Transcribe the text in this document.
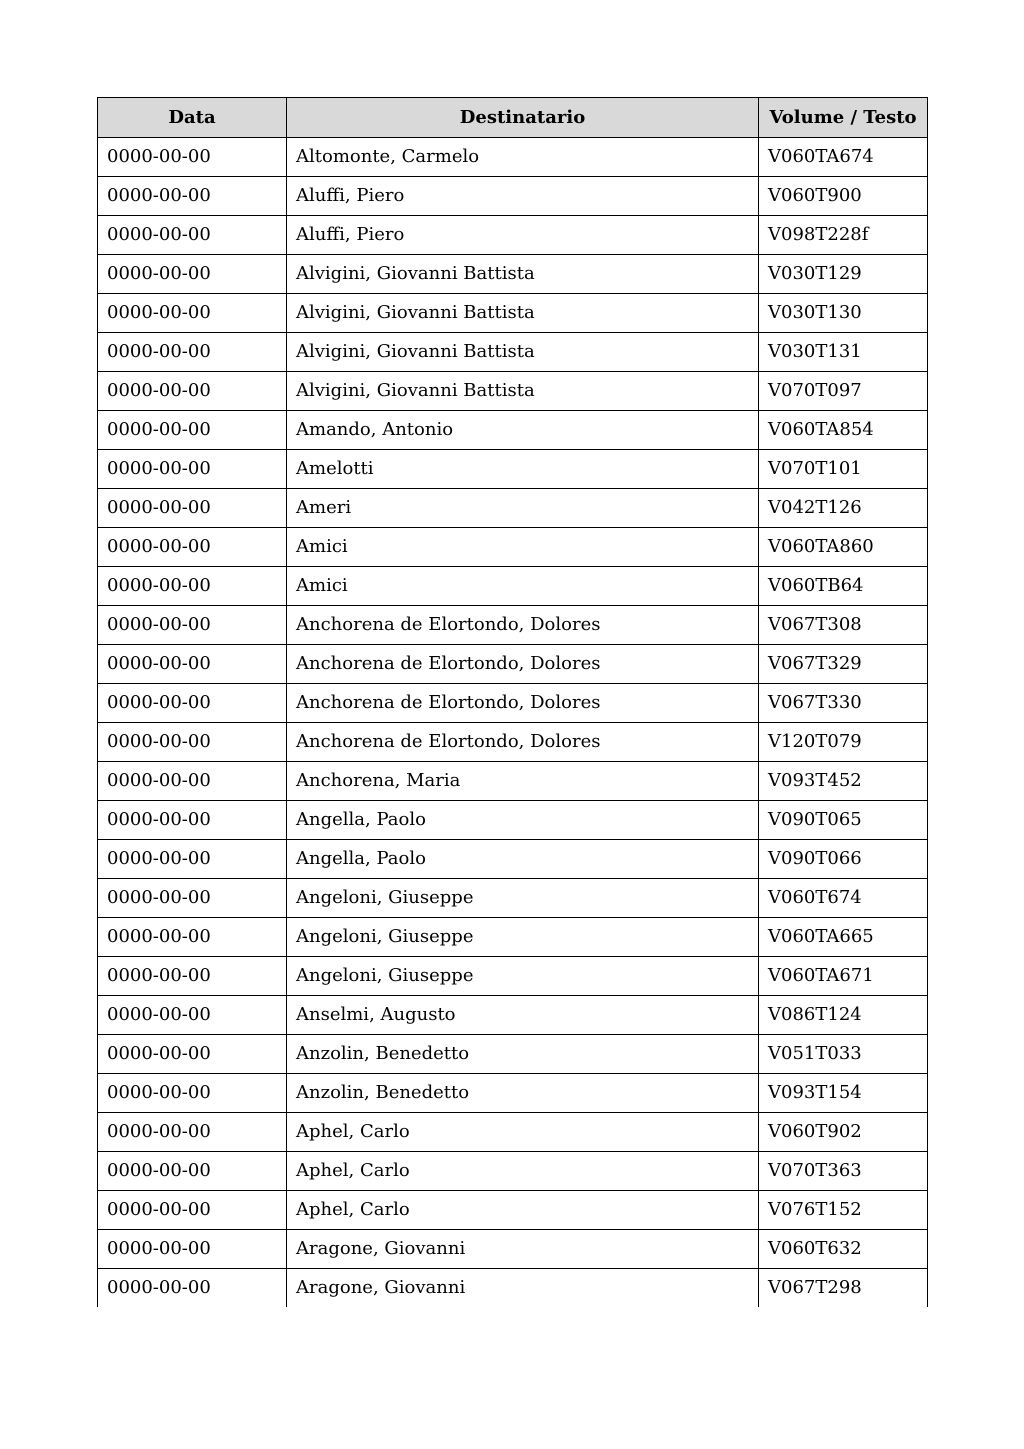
Data	Destinatario	Volume / Testo
0000-00-00	Altomonte, Carmelo	V060TA674
0000-00-00	Aluffi, Piero	V060T900
0000-00-00	Aluffi, Piero	V098T228f
0000-00-00	Alvigini, Giovanni Battista	V030T129
0000-00-00	Alvigini, Giovanni Battista	V030T130
0000-00-00	Alvigini, Giovanni Battista	V030T131
0000-00-00	Alvigini, Giovanni Battista	V070T097
0000-00-00	Amando, Antonio	V060TA854
0000-00-00	Amelotti	V070T101
0000-00-00	Ameri	V042T126
0000-00-00	Amici	V060TA860
0000-00-00	Amici	V060TB64
0000-00-00	Anchorena de Elortondo, Dolores	V067T308
0000-00-00	Anchorena de Elortondo, Dolores	V067T329
0000-00-00	Anchorena de Elortondo, Dolores	V067T330
0000-00-00	Anchorena de Elortondo, Dolores	V120T079
0000-00-00	Anchorena, Maria	V093T452
0000-00-00	Angella, Paolo	V090T065
0000-00-00	Angella, Paolo	V090T066
0000-00-00	Angeloni, Giuseppe	V060T674
0000-00-00	Angeloni, Giuseppe	V060TA665
0000-00-00	Angeloni, Giuseppe	V060TA671
0000-00-00	Anselmi, Augusto	V086T124
0000-00-00	Anzolin, Benedetto	V051T033
0000-00-00	Anzolin, Benedetto	V093T154
0000-00-00	Aphel, Carlo	V060T902
0000-00-00	Aphel, Carlo	V070T363
0000-00-00	Aphel, Carlo	V076T152
0000-00-00	Aragone, Giovanni	V060T632
0000-00-00	Aragone, Giovanni	V067T298
